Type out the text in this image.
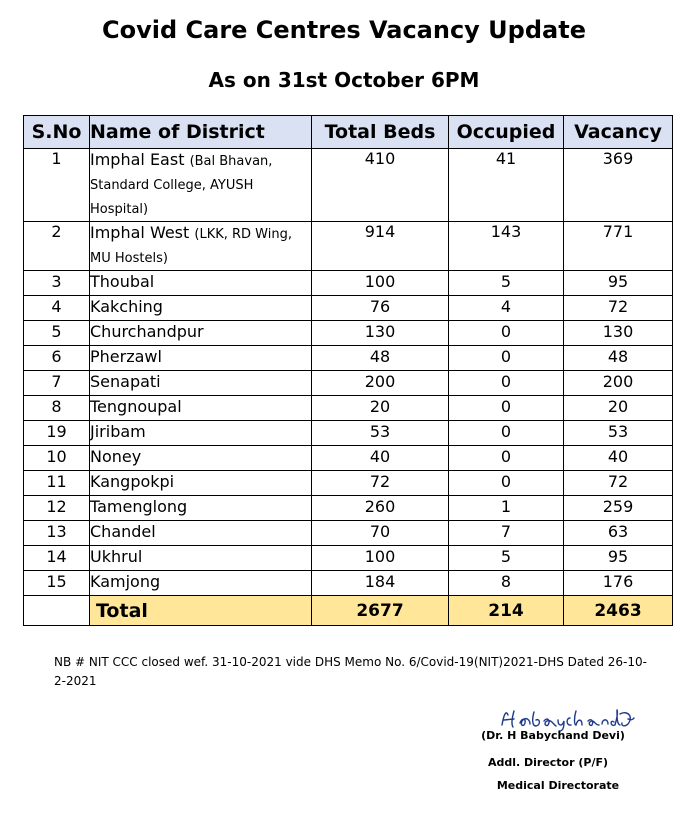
Covid Care Centres Vacancy Update
As on 31st October 6PM
S.No	Name of District	Total Beds	Occupied	Vacancy
1	Imphal East (Bal Bhavan, Standard College, AYUSH Hospital)	410	41	369
2	Imphal West (LKK, RD Wing, MU Hostels)	914	143	771
3	Thoubal	100	5	95
4	Kakching	76	4	72
5	Churchandpur	130	0	130
6	Pherzawl	48	0	48
7	Senapati	200	0	200
8	Tengnoupal	20	0	20
19	Jiribam	53	0	53
10	Noney	40	0	40
11	Kangpokpi	72	0	72
12	Tamenglong	260	1	259
13	Chandel	70	7	63
14	Ukhrul	100	5	95
15	Kamjong	184	8	176
	Total	2677	214	2463
NB # NIT CCC closed wef. 31-10-2021 vide DHS Memo No. 6/Covid-19(NIT)2021-DHS Dated 26-10-2-2021
(Dr. H Babychand Devi)
Addl. Director (P/F)
Medical Directorate
